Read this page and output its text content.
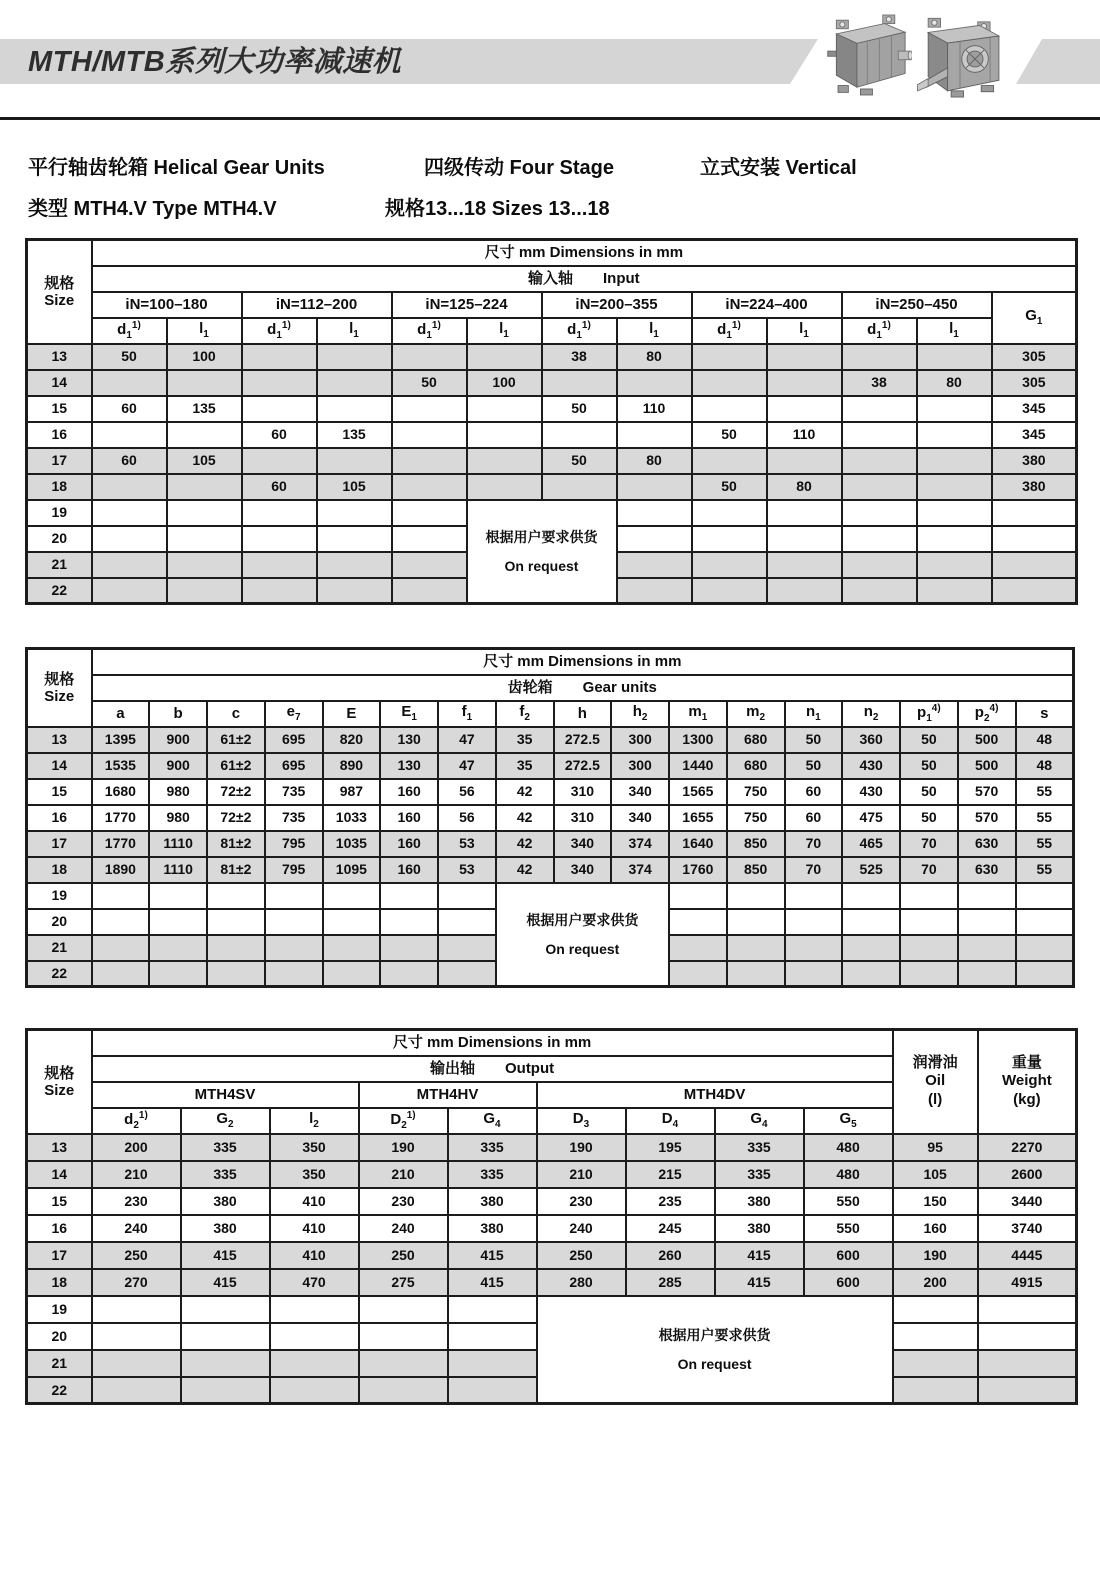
MTH/MTB系列大功率减速机
平行轴齿轮箱 Helical Gear Units	四级传动 Four Stage	立式安装 Vertical
类型 MTH4.V Type MTH4.V	规格13...18 Sizes 13...18
规格
Size	尺寸 mm Dimensions in mm												
	输入轴 Input												
	iN=100–180		iN=112–200		iN=125–224		iN=200–355		iN=224–400		iN=250–450		$G_1$
	$d_1^{1)}$	$l_1$	$d_1^{1)}$	$l_1$	$d_1^{1)}$	$l_1$	$d_1^{1)}$	$l_1$	$d_1^{1)}$	$l_1$	$d_1^{1)}$	$l_1$
13	50	100					38	80					305
14					50	100					38	80	305
15	60	135					50	110					345
16			60	135					50	110			345
17	60	105					50	80					380
18			60	105					50	80			380
19						根据用户要求供货
On request							

20													
21													
22													
规格
Size	尺寸 mm Dimensions in mm																
	齿轮箱 Gear units																
	a	b	c	$e_7$	E	$E_1$	$f_1$	$f_2$	h	$h_2$	$m_1$	$m_2$	$n_1$	$n_2$	$p_1^{4)}$	$p_2^{4)}$	s
13	1395	900	61±2	695	820	130	47	35	272.5	300	1300	680	50	360	50	500	48
14	1535	900	61±2	695	890	130	47	35	272.5	300	1440	680	50	430	50	500	48
15	1680	980	72±2	735	987	160	56	42	310	340	1565	750	60	430	50	570	55
16	1770	980	72±2	735	1033	160	56	42	310	340	1655	750	60	475	50	570	55
17	1770	1110	81±2	795	1035	160	53	42	340	374	1640	850	70	465	70	630	55
18	1890	1110	81±2	795	1095	160	53	42	340	374	1760	850	70	525	70	630	55
19								根据用户要求供货
On request									

20																	
21																	
22																	
规格
Size	尺寸 mm Dimensions in mm									润滑油
Oil
(l)	重量
Weight
(kg)

	输出轴 Output										
	MTH4SV			MTH4HV		MTH4DV					
	$d_2^{1)}$	$G_2$	$l_2$	$D_2^{1)}$	$G_4$	$D_3$	$D_4$	$G_4$	$G_5$
13	200	335	350	190	335	190	195	335	480	95	2270
14	210	335	350	210	335	210	215	335	480	105	2600
15	230	380	410	230	380	230	235	380	550	150	3440
16	240	380	410	240	380	240	245	380	550	160	3740
17	250	415	410	250	415	250	260	415	600	190	4445
18	270	415	470	275	415	280	285	415	600	200	4915
19						根据用户要求供货
On request					

20											
21											
22											
